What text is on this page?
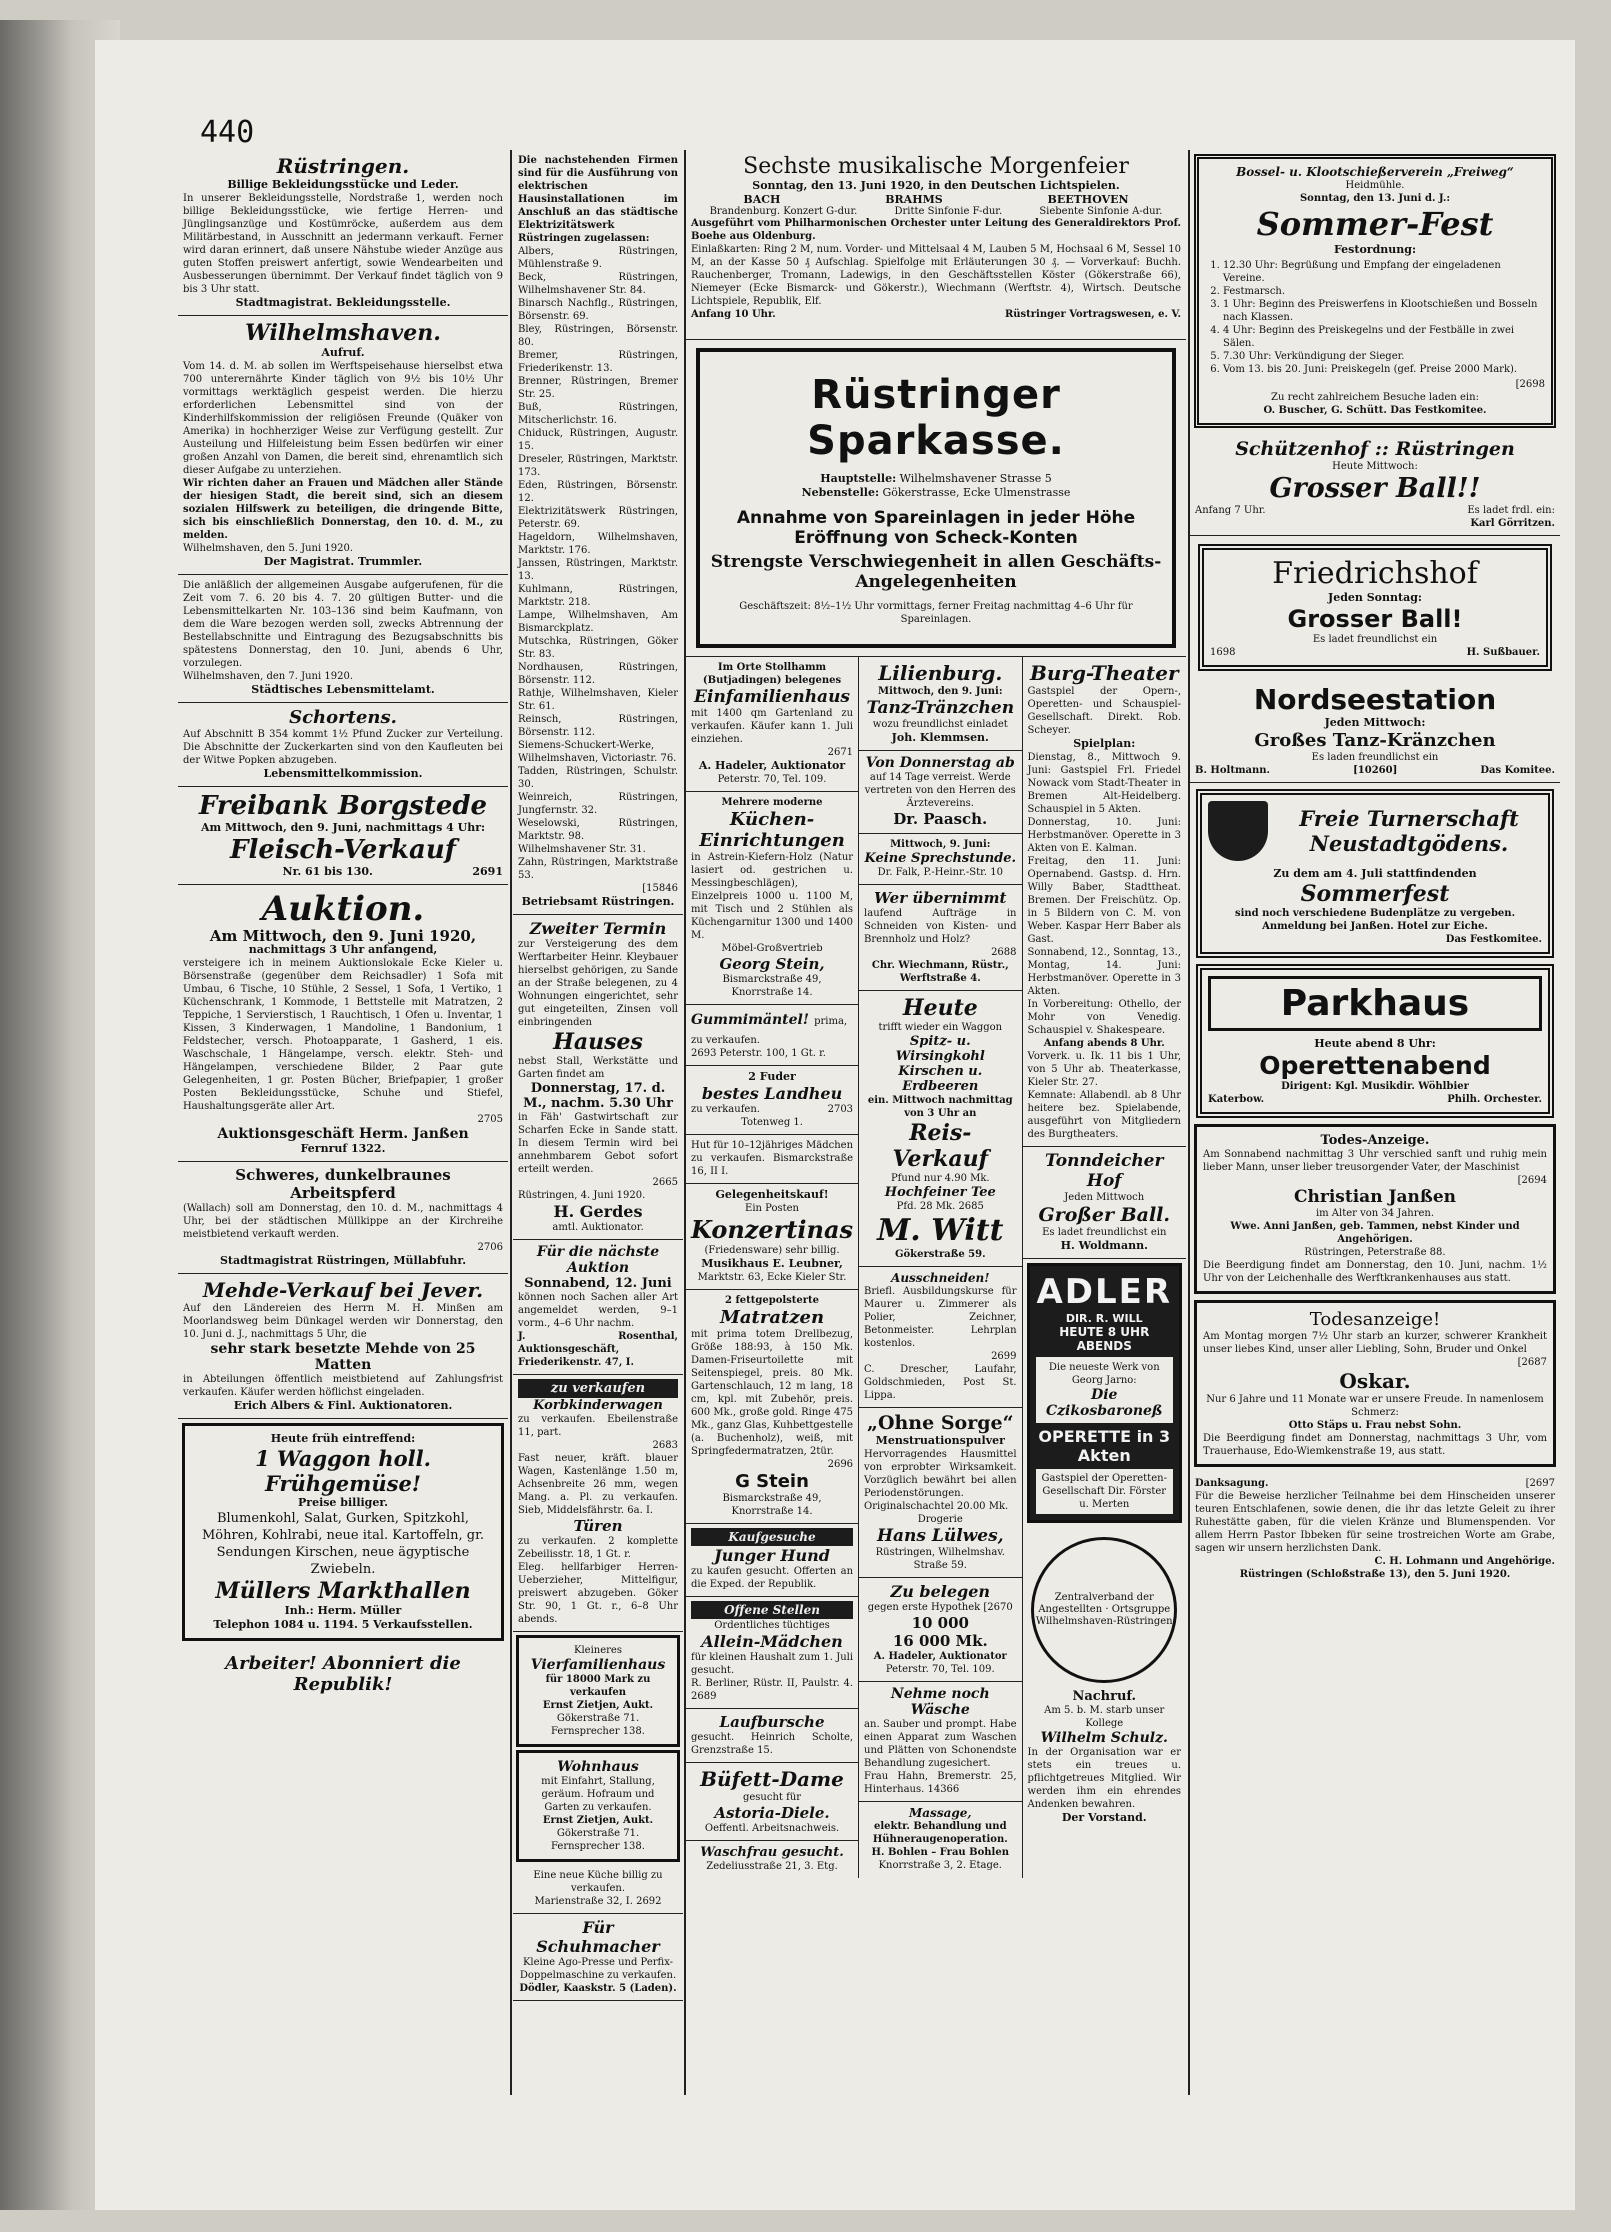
440
Rüstringen.
Billige Bekleidungsstücke und Leder.

In unserer Bekleidungsstelle, Nordstraße 1, werden noch billige Bekleidungsstücke, wie fertige Herren- und Jünglingsanzüge und Kostümröcke, außerdem aus dem Militärbestand, in Ausschnitt an jedermann verkauft. Ferner wird daran erinnert, daß unsere Nähstube wieder Anzüge aus guten Stoffen preiswert anfertigt, sowie Wendearbeiten und Ausbesserungen übernimmt. Der Verkauf findet täglich von 9 bis 3 Uhr statt.

Stadtmagistrat. Bekleidungsstelle.
Wilhelmshaven.
Aufruf.

Vom 14. d. M. ab sollen im Werftspeisehause hierselbst etwa 700 unterernährte Kinder täglich von 9½ bis 10½ Uhr vormittags werktäglich gespeist werden. Die hierzu erforderlichen Lebensmittel sind von der Kinderhilfskommission der religiösen Freunde (Quäker von Amerika) in hochherziger Weise zur Verfügung gestellt. Zur Austeilung und Hilfeleistung beim Essen bedürfen wir einer großen Anzahl von Damen, die bereit sind, ehrenamtlich sich dieser Aufgabe zu unterziehen.

Wir richten daher an Frauen und Mädchen aller Stände der hiesigen Stadt, die bereit sind, sich an diesem sozialen Hilfswerk zu beteiligen, die dringende Bitte, sich bis einschließlich Donnerstag, den 10. d. M., zu melden.

Wilhelmshaven, den 5. Juni 1920.
Der Magistrat. Trummler.

Die anläßlich der allgemeinen Ausgabe aufgerufenen, für die Zeit vom 7. 6. 20 bis 4. 7. 20 gültigen Butter- und die Lebensmittelkarten Nr. 103–136 sind beim Kaufmann, von dem die Ware bezogen werden soll, zwecks Abtrennung der Bestellabschnitte und Eintragung des Bezugsabschnitts bis spätestens Donnerstag, den 10. Juni, abends 6 Uhr, vorzulegen.

Wilhelmshaven, den 7. Juni 1920.
Städtisches Lebensmittelamt.
Schortens.

Auf Abschnitt B 354 kommt 1½ Pfund Zucker zur Verteilung. Die Abschnitte der Zuckerkarten sind von den Kaufleuten bei der Witwe Popken abzugeben.

Lebensmittelkommission.
Freibank Borgstede
Am Mittwoch, den 9. Juni, nachmittags 4 Uhr:
Fleisch-Verkauf
Nr. 61 bis 130.	2691
Auktion.
Am Mittwoch, den 9. Juni 1920,
nachmittags 3 Uhr anfangend,

versteigere ich in meinem Auktionslokale Ecke Kieler u. Börsenstraße (gegenüber dem Reichsadler) 1 Sofa mit Umbau, 6 Tische, 10 Stühle, 2 Sessel, 1 Sofa, 1 Vertiko, 1 Küchenschrank, 1 Kommode, 1 Bettstelle mit Matratzen, 2 Teppiche, 1 Servierstisch, 1 Rauchtisch, 1 Ofen u. Inventar, 1 Kissen, 3 Kinderwagen, 1 Mandoline, 1 Bandonium, 1 Feldstecher, versch. Photoapparate, 1 Gasherd, 1 eis. Waschschale, 1 Hängelampe, versch. elektr. Steh- und Hängelampen, verschiedene Bilder, 2 Paar gute Gelegenheiten, 1 gr. Posten Bücher, Briefpapier, 1 großer Posten Bekleidungsstücke, Schuhe und Stiefel, Haushaltungsgeräte aller Art.

2705
Auktionsgeschäft Herm. Janßen
Fernruf 1322.
Schweres, dunkelbraunes Arbeitspferd

(Wallach) soll am Donnerstag, den 10. d. M., nachmittags 4 Uhr, bei der städtischen Müllkippe an der Kirchreihe meistbietend verkauft werden.

2706
Stadtmagistrat Rüstringen, Müllabfuhr.
Mehde-Verkauf bei Jever.

Auf den Ländereien des Herrn M. H. Minßen am Moorlandsweg beim Dünkagel werden wir Donnerstag, den 10. Juni d. J., nachmittags 5 Uhr, die

sehr stark besetzte Mehde von 25 Matten

in Abteilungen öffentlich meistbietend auf Zahlungsfrist verkaufen. Käufer werden höflichst eingeladen.

Erich Albers & Finl. Auktionatoren.
Heute früh eintreffend:
1 Waggon holl. Frühgemüse!
Preise billiger.

Blumenkohl, Salat, Gurken, Spitzkohl, Möhren, Kohlrabi, neue ital. Kartoffeln, gr. Sendungen Kirschen, neue ägyptische Zwiebeln.

Müllers Markthallen
Inh.: Herm. Müller
Telephon 1084 u. 1194. 5 Verkaufsstellen.
Arbeiter! Abonniert die Republik!

Die nachstehenden Firmen sind für die Ausführung von elektrischen Hausinstallationen im Anschluß an das städtische Elektrizitätswerk Rüstringen zugelassen:

Albers, Rüstringen, Mühlenstraße 9.
Beck, Rüstringen, Wilhelmshavener Str. 84.
Binarsch Nachflg., Rüstringen, Börsenstr. 69.
Bley, Rüstringen, Börsenstr. 80.
Bremer, Rüstringen, Friederikenstr. 13.
Brenner, Rüstringen, Bremer Str. 25.
Buß, Rüstringen, Mitscherlichstr. 16.
Chiduck, Rüstringen, Augustr. 15.
Dreseler, Rüstringen, Marktstr. 173.
Eden, Rüstringen, Börsenstr. 12.
Elektrizitätswerk Rüstringen, Peterstr. 69.
Hageldorn, Wilhelmshaven, Marktstr. 176.
Janssen, Rüstringen, Marktstr. 13.
Kuhlmann, Rüstringen, Marktstr. 218.
Lampe, Wilhelmshaven, Am Bismarckplatz.
Mutschka, Rüstringen, Göker Str. 83.
Nordhausen, Rüstringen, Börsenstr. 112.
Rathje, Wilhelmshaven, Kieler Str. 61.
Reinsch, Rüstringen, Börsenstr. 112.
Siemens-Schuckert-Werke, Wilhelmshaven, Victoriastr. 76.
Tadden, Rüstringen, Schulstr. 30.
Weinreich, Rüstringen, Jungfernstr. 32.
Weselowski, Rüstringen, Marktstr. 98.
Wilhelmshavener Str. 31.
Zahn, Rüstringen, Marktstraße 53.
[15846
Betriebsamt Rüstringen.
Zweiter Termin

zur Versteigerung des dem Werftarbeiter Heinr. Kleybauer hierselbst gehörigen, zu Sande an der Straße belegenen, zu 4 Wohnungen eingerichtet, sehr gut eingeteilten, Zinsen voll einbringenden

Hauses

nebst Stall, Werkstätte und Garten findet am

Donnerstag, 17. d. M., nachm. 5.30 Uhr

in Fäh' Gastwirtschaft zur Scharfen Ecke in Sande statt. In diesem Termin wird bei annehmbarem Gebot sofort erteilt werden.

2665
Rüstringen, 4. Juni 1920.
H. Gerdes
amtl. Auktionator.
Für die nächste Auktion
Sonnabend, 12. Juni

können noch Sachen aller Art angemeldet werden, 9–1 vorm., 4–6 Uhr nachm.

J. Rosenthal, Auktionsgeschäft, Friederikenstr. 47, I.

zu verkaufen
Korbkinderwagen

zu verkaufen. Ebeilenstraße 11, part.

2683

Fast neuer, kräft. blauer Wagen, Kastenlänge 1.50 m, Achsenbreite 26 mm, wegen Mang. a. Pl. zu verkaufen. Sieb, Middelsfährstr. 6a. I.

Türen

zu verkaufen. 2 komplette Zebeilisstr. 18, 1 Gt. r.

Eleg. hellfarbiger Herren-Ueberzieher, Mittelfigur, preiswert abzugeben. Göker Str. 90, 1 Gt. r., 6–8 Uhr abends.

Kleineres
Vierfamilienhaus
für 18000 Mark zu verkaufen
Ernst Zietjen, Aukt.
Gökerstraße 71. Fernsprecher 138.
Wohnhaus

mit Einfahrt, Stallung, geräum. Hofraum und Garten zu verkaufen.

Ernst Zietjen, Aukt.
Gökerstraße 71. Fernsprecher 138.

Eine neue Küche billig zu verkaufen.

Marienstraße 32, I. 2692
Für Schuhmacher

Kleine Ago-Presse und Perfix-Doppelmaschine zu verkaufen.

Dödler, Kaaskstr. 5 (Laden).
Sechste musikalische Morgenfeier
Sonntag, den 13. Juni 1920, in den Deutschen Lichtspielen.
BACH	BRAHMS	BEETHOVEN
Brandenburg. Konzert G-dur.	Dritte Sinfonie F-dur.	Siebente Sinfonie A-dur.

Ausgeführt vom Philharmonischen Orchester unter Leitung des Generaldirektors Prof. Boehe aus Oldenburg.

Einlaßkarten: Ring 2 M, num. Vorder- und Mittelsaal 4 M, Lauben 5 M, Hochsaal 6 M, Sessel 10 M, an der Kasse 50 ₰ Aufschlag. Spielfolge mit Erläuterungen 30 ₰. — Vorverkauf: Buchh. Rauchenberger, Tromann, Ladewigs, in den Geschäftsstellen Köster (Gökerstraße 66), Niemeyer (Ecke Bismarck- und Gökerstr.), Wiechmann (Werftstr. 4), Wirtsch. Deutsche Lichtspiele, Republik, Elf.

Anfang 10 Uhr.	Rüstringer Vortragswesen, e. V.
Rüstringer Sparkasse.
Hauptstelle: Wilhelmshavener Strasse 5
Nebenstelle: Gökerstrasse, Ecke Ulmenstrasse
Annahme von Spareinlagen in jeder Höhe
Eröffnung von Scheck-Konten
Strengste Verschwiegenheit in allen Geschäfts-Angelegenheiten

Geschäftszeit: 8½–1½ Uhr vormittags, ferner Freitag nachmittag 4–6 Uhr für Spareinlagen.

Im Orte Stollhamm (Butjadingen) belegenes
Einfamilienhaus

mit 1400 qm Gartenland zu verkaufen. Käufer kann 1. Juli einziehen.

2671
A. Hadeler, Auktionator
Peterstr. 70, Tel. 109.
Mehrere moderne
Küchen-Einrichtungen

in Astrein-Kiefern-Holz (Natur lasiert od. gestrichen u. Messingbeschlägen), Einzelpreis 1000 u. 1100 M, mit Tisch und 2 Stühlen als Küchengarnitur 1300 und 1400 M.

Möbel-Großvertrieb
Georg Stein,
Bismarckstraße 49, Knorrstraße 14.
Gummimäntel! prima, zu verkaufen.
2693 Peterstr. 100, 1 Gt. r.
2 Fuder
bestes Landheu
zu verkaufen.	2703
Totenweg 1.

Hut für 10–12jähriges Mädchen zu verkaufen. Bismarckstraße 16, II I.

Gelegenheitskauf!
Ein Posten
Konzertinas
(Friedensware) sehr billig.
Musikhaus E. Leubner,
Marktstr. 63, Ecke Kieler Str.
2 fettgepolsterte
Matratzen

mit prima totem Drellbezug, Größe 188:93, à 150 Mk. Damen-Friseurtoilette mit Seitenspiegel, preis. 80 Mk. Gartenschlauch, 12 m lang, 18 cm, kpl. mit Zubehör, preis. 600 Mk., große gold. Ringe 475 Mk., ganz Glas, Kuhbettgestelle (a. Buchenholz), weiß, mit Springfedermatratzen, 2tür.

2696
G Stein
Bismarckstraße 49, Knorrstraße 14.
Kaufgesuche
Junger Hund

zu kaufen gesucht. Offerten an die Exped. der Republik.

Offene Stellen
Ordentliches tüchtiges
Allein-Mädchen

für kleinen Haushalt zum 1. Juli gesucht.

R. Berliner, Rüstr. II, Paulstr. 4. 2689
Laufbursche

gesucht. Heinrich Scholte, Grenzstraße 15.

Büfett-Dame
gesucht für
Astoria-Diele.
Oeffentl. Arbeitsnachweis.
Waschfrau gesucht.
Zedeliusstraße 21, 3. Etg.
Lilienburg.
Mittwoch, den 9. Juni:
Tanz-Tränzchen
wozu freundlichst einladet
Joh. Klemmsen.
Von Donnerstag ab

auf 14 Tage verreist. Werde vertreten von den Herren des Ärztevereins.

Dr. Paasch.
Mittwoch, 9. Juni:
Keine Sprechstunde.
Dr. Falk, P.-Heinr.-Str. 10
Wer übernimmt

laufend Aufträge in Schneiden von Kisten- und Brennholz und Holz?

2688
Chr. Wiechmann, Rüstr., Werftstraße 4.
Heute
trifft wieder ein Waggon
Spitz- u. Wirsingkohl Kirschen u. Erdbeeren
ein. Mittwoch nachmittag von 3 Uhr an
Reis-Verkauf
Pfund nur 4.90 Mk.
Hochfeiner Tee
Pfd. 28 Mk. 2685
M. Witt
Gökerstraße 59.
Ausschneiden!

Briefl. Ausbildungskurse für Maurer u. Zimmerer als Polier, Zeichner, Betonmeister. Lehrplan kostenlos.

2699

C. Drescher, Laufahr, Goldschmieden, Post St. Lippa.

„Ohne Sorge“
Menstruationspulver

Hervorragendes Hausmittel von erprobter Wirksamkeit. Vorzüglich bewährt bei allen Periodenstörungen. Originalschachtel 20.00 Mk.

Drogerie
Hans Lülwes,
Rüstringen, Wilhelmshav. Straße 59.
Zu belegen
gegen erste Hypothek [2670
10 000
16 000 Mk.
A. Hadeler, Auktionator
Peterstr. 70, Tel. 109.
Nehme noch Wäsche

an. Sauber und prompt. Habe einen Apparat zum Waschen und Plätten von Schonendste Behandlung zugesichert.

Frau Hahn, Bremerstr. 25, Hinterhaus. 14366
Massage,
elektr. Behandlung und Hühneraugenoperation.
H. Bohlen – Frau Bohlen
Knorrstraße 3, 2. Etage.
Burg-Theater

Gastspiel der Opern-, Operetten- und Schauspiel-Gesellschaft. Direkt. Rob. Scheyer.

Spielplan:

Dienstag, 8., Mittwoch 9. Juni: Gastspiel Frl. Friedel Nowack vom Stadt-Theater in Bremen Alt-Heidelberg. Schauspiel in 5 Akten.

Donnerstag, 10. Juni: Herbstmanöver. Operette in 3 Akten von E. Kalman.

Freitag, den 11. Juni: Opernabend. Gastsp. d. Hrn. Willy Baber, Stadttheat. Bremen. Der Freischütz. Op. in 5 Bildern von C. M. von Weber. Kaspar Herr Baber als Gast.

Sonnabend, 12., Sonntag, 13., Montag, 14. Juni: Herbstmanöver. Operette in 3 Akten.

In Vorbereitung: Othello, der Mohr von Venedig. Schauspiel v. Shakespeare.

Anfang abends 8 Uhr.

Vorverk. u. Ik. 11 bis 1 Uhr, von 5 Uhr ab. Theaterkasse, Kieler Str. 27.

Kemnate: Allabendl. ab 8 Uhr heitere bez. Spielabende, ausgeführt von Mitgliedern des Burgtheaters.

Tonndeicher Hof
Jeden Mittwoch
Großer Ball.
Es ladet freundlichst ein
H. Woldmann.
ADLER
DIR. R. WILL
HEUTE 8 UHR ABENDS
Die neueste Werk von Georg Jarno:
Die Czikosbaroneß
OPERETTE in 3 Akten
Gastspiel der Operetten-Gesellschaft Dir. Förster u. Merten
Zentralverband der Angestellten · Ortsgruppe Wilhelmshaven-Rüstringen
Nachruf.
Am 5. b. M. starb unser Kollege
Wilhelm Schulz.

In der Organisation war er stets ein treues u. pflichtgetreues Mitglied. Wir werden ihm ein ehrendes Andenken bewahren.

Der Vorstand.
Bossel- u. Klootschießerverein „Freiweg“
Heidmühle.
Sonntag, den 13. Juni d. J.:
Sommer-Fest
Festordnung:
1. 12.30 Uhr: Begrüßung und Empfang der eingeladenen Vereine.
2. Festmarsch.
3. 1 Uhr: Beginn des Preiswerfens in Klootschießen und Bosseln nach Klassen.
4. 4 Uhr: Beginn des Preiskegelns und der Festbälle in zwei Sälen.
5. 7.30 Uhr: Verkündigung der Sieger.
6. Vom 13. bis 20. Juni: Preiskegeln (gef. Preise 2000 Mark).
[2698
Zu recht zahlreichem Besuche laden ein:
O. Buscher, G. Schütt. Das Festkomitee.
Schützenhof :: Rüstringen
Heute Mittwoch:
Grosser Ball!!
Anfang 7 Uhr.	Es ladet frdl. ein:
Karl Görritzen.
Friedrichshof
Jeden Sonntag:
Grosser Ball!
Es ladet freundlichst ein
1698	H. Sußbauer.
Nordseestation
Jeden Mittwoch:
Großes Tanz-Kränzchen
Es laden freundlichst ein
B. Holtmann.	[10260]	Das Komitee.
Freie Turnerschaft Neustadtgödens.
Zu dem am 4. Juli stattfindenden
Sommerfest

sind noch verschiedene Budenplätze zu vergeben. Anmeldung bei Janßen. Hotel zur Eiche.

Das Festkomitee.
Parkhaus
Heute abend 8 Uhr:
Operettenabend
Dirigent: Kgl. Musikdir. Wöhlbier
Katerbow.	Philh. Orchester.
Todes-Anzeige.

Am Sonnabend nachmittag 3 Uhr verschied sanft und ruhig mein lieber Mann, unser lieber treusorgender Vater, der Maschinist

[2694
Christian Janßen
im Alter von 34 Jahren.
Wwe. Anni Janßen, geb. Tammen, nebst Kinder und Angehörigen.
Rüstringen, Peterstraße 88.

Die Beerdigung findet am Donnerstag, den 10. Juni, nachm. 1½ Uhr von der Leichenhalle des Werftkrankenhauses aus statt.

Todesanzeige!

Am Montag morgen 7½ Uhr starb an kurzer, schwerer Krankheit unser liebes Kind, unser aller Liebling, Sohn, Bruder und Onkel

[2687
Oskar.

Nur 6 Jahre und 11 Monate war er unsere Freude. In namenlosem Schmerz:

Otto Stäps u. Frau nebst Sohn.

Die Beerdigung findet am Donnerstag, nachmittags 3 Uhr, vom Trauerhause, Edo-Wiemkenstraße 19, aus statt.

Danksagung.	[2697

Für die Beweise herzlicher Teilnahme bei dem Hinscheiden unserer teuren Entschlafenen, sowie denen, die ihr das letzte Geleit zu ihrer Ruhestätte gaben, für die vielen Kränze und Blumenspenden. Vor allem Herrn Pastor Ibbeken für seine trostreichen Worte am Grabe, sagen wir unsern herzlichsten Dank.

C. H. Lohmann und Angehörige.
Rüstringen (Schloßstraße 13), den 5. Juni 1920.
